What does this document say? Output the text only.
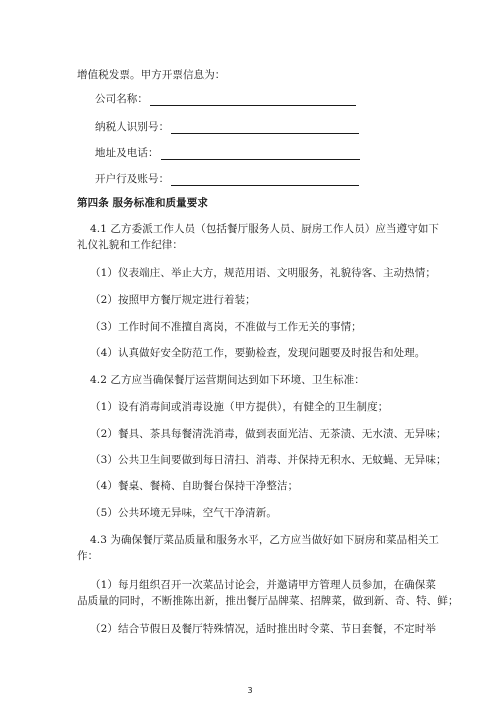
增值税发票。甲方开票信息为：
公司名称：
纳税人识别号：
地址及电话：
开户行及账号：
第四条 服务标准和质量要求
4.1 乙方委派工作人员（包括餐厅服务人员、厨房工作人员）应当遵守如下
礼仪礼貌和工作纪律：
（1）仪表端庄、举止大方，规范用语、文明服务，礼貌待客、主动热情；
（2）按照甲方餐厅规定进行着装；
（3）工作时间不准擅自离岗，不准做与工作无关的事情；
（4）认真做好安全防范工作，要勤检查，发现问题要及时报告和处理。
4.2 乙方应当确保餐厅运营期间达到如下环境、卫生标准：
（1）设有消毒间或消毒设施（甲方提供），有健全的卫生制度；
（2）餐具、茶具每餐清洗消毒，做到表面光洁、无茶渍、无水渍、无异味；
（3）公共卫生间要做到每日清扫、消毒、并保持无积水、无蚊蝇、无异味；
（4）餐桌、餐椅、自助餐台保持干净整洁；
（5）公共环境无异味，空气干净清新。
4.3 为确保餐厅菜品质量和服务水平，乙方应当做好如下厨房和菜品相关工
作：
（1）每月组织召开一次菜品讨论会，并邀请甲方管理人员参加，在确保菜
品质量的同时，不断推陈出新，推出餐厅品牌菜、招牌菜，做到新、奇、特、鲜；
（2）结合节假日及餐厅特殊情况，适时推出时令菜、节日套餐，不定时举
3
